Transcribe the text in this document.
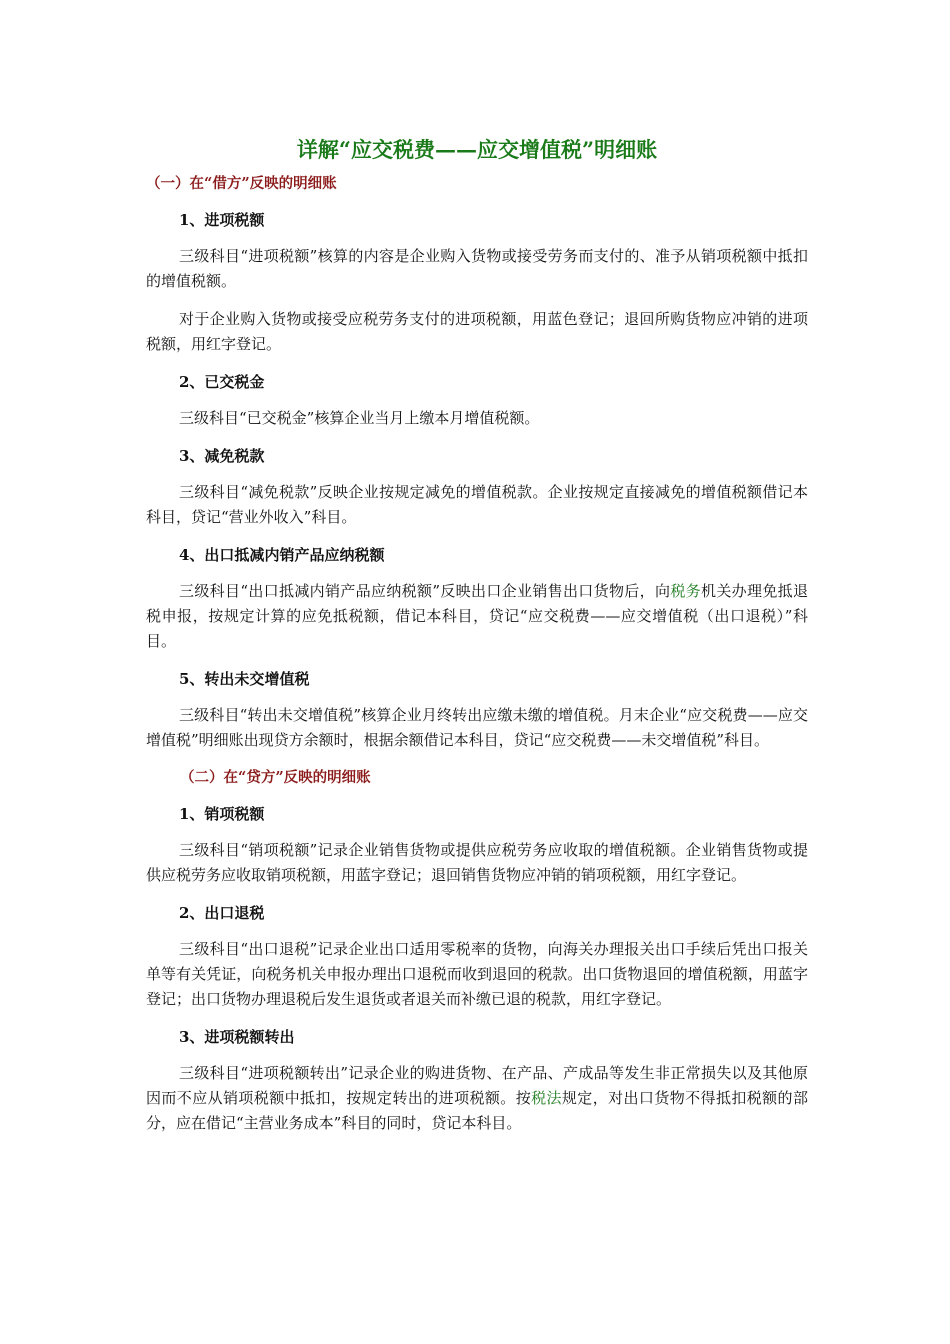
详解“应交税费——应交增值税”明细账
（一）在“借方”反映的明细账
1、进项税额

三级科目“进项税额”核算的内容是企业购入货物或接受劳务而支付的、准予从销项税额中抵扣的增值税额。

对于企业购入货物或接受应税劳务支付的进项税额，用蓝色登记；退回所购货物应冲销的进项税额，用红字登记。

2、已交税金

三级科目“已交税金”核算企业当月上缴本月增值税额。

3、减免税款

三级科目“减免税款”反映企业按规定减免的增值税款。企业按规定直接减免的增值税额借记本科目，贷记“营业外收入”科目。

4、出口抵减内销产品应纳税额

三级科目“出口抵减内销产品应纳税额”反映出口企业销售出口货物后，向税务机关办理免抵退税申报，按规定计算的应免抵税额，借记本科目，贷记“应交税费——应交增值税（出口退税）”科目。

5、转出未交增值税

三级科目“转出未交增值税”核算企业月终转出应缴未缴的增值税。月末企业“应交税费——应交增值税”明细账出现贷方余额时，根据余额借记本科目，贷记“应交税费——未交增值税”科目。

（二）在“贷方”反映的明细账
1、销项税额

三级科目“销项税额”记录企业销售货物或提供应税劳务应收取的增值税额。企业销售货物或提供应税劳务应收取销项税额，用蓝字登记；退回销售货物应冲销的销项税额，用红字登记。

2、出口退税

三级科目“出口退税”记录企业出口适用零税率的货物，向海关办理报关出口手续后凭出口报关单等有关凭证，向税务机关申报办理出口退税而收到退回的税款。出口货物退回的增值税额，用蓝字登记；出口货物办理退税后发生退货或者退关而补缴已退的税款，用红字登记。

3、进项税额转出

三级科目“进项税额转出”记录企业的购进货物、在产品、产成品等发生非正常损失以及其他原因而不应从销项税额中抵扣，按规定转出的进项税额。按税法规定，对出口货物不得抵扣税额的部分，应在借记“主营业务成本”科目的同时，贷记本科目。
